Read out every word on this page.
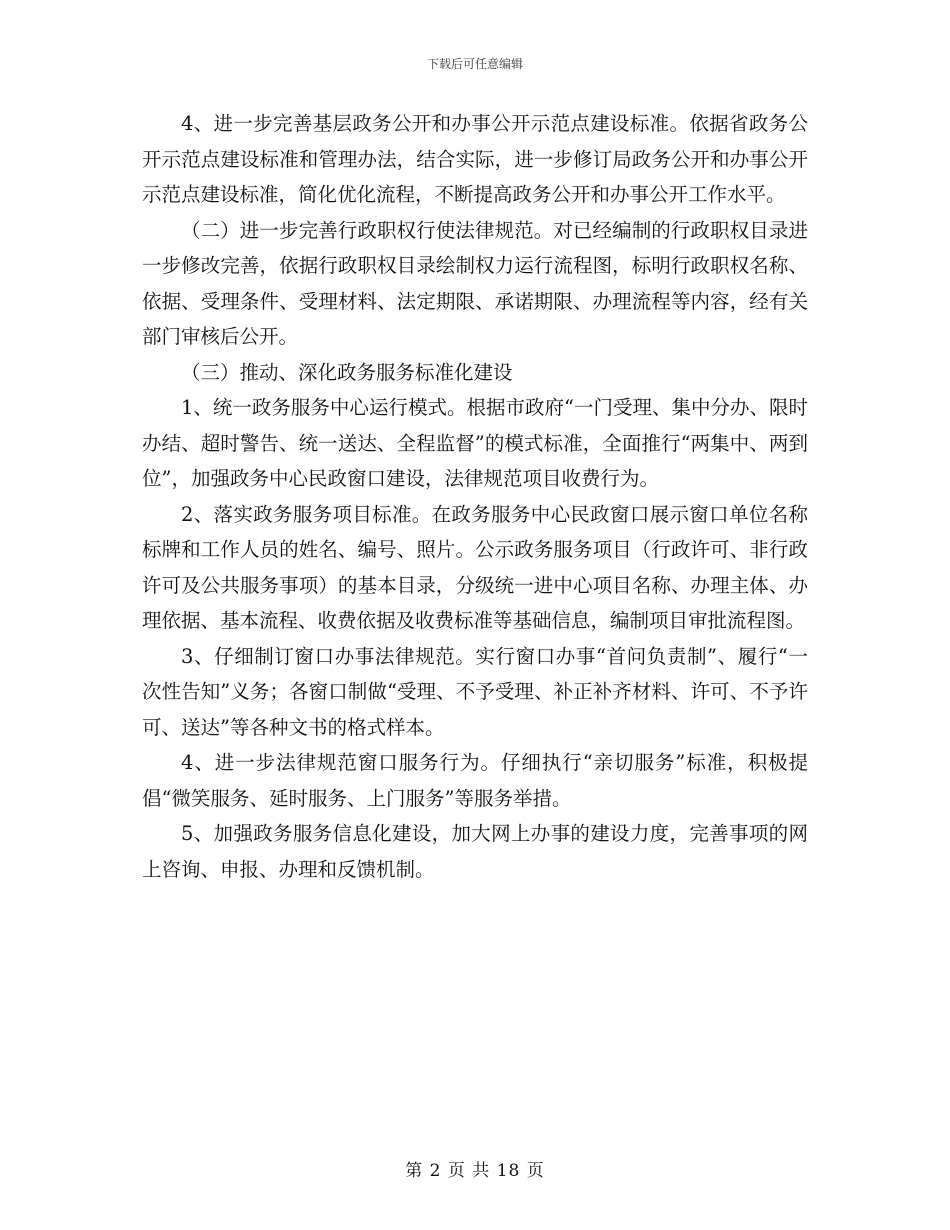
下载后可任意编辑

4、进一步完善基层政务公开和办事公开示范点建设标准。依据省政务公开示范点建设标准和管理办法，结合实际，进一步修订局政务公开和办事公开示范点建设标准，简化优化流程，不断提高政务公开和办事公开工作水平。

（二）进一步完善行政职权行使法律规范。对已经编制的行政职权目录进一步修改完善，依据行政职权目录绘制权力运行流程图，标明行政职权名称、依据、受理条件、受理材料、法定期限、承诺期限、办理流程等内容，经有关部门审核后公开。

（三）推动、深化政务服务标准化建设

1、统一政务服务中心运行模式。根据市政府“一门受理、集中分办、限时办结、超时警告、统一送达、全程监督”的模式标准，全面推行“两集中、两到位”，加强政务中心民政窗口建设，法律规范项目收费行为。

2、落实政务服务项目标准。在政务服务中心民政窗口展示窗口单位名称标牌和工作人员的姓名、编号、照片。公示政务服务项目（行政许可、非行政许可及公共服务事项）的基本目录，分级统一进中心项目名称、办理主体、办理依据、基本流程、收费依据及收费标准等基础信息，编制项目审批流程图。

3、仔细制订窗口办事法律规范。实行窗口办事“首问负责制”、履行“一次性告知”义务；各窗口制做“受理、不予受理、补正补齐材料、许可、不予许可、送达”等各种文书的格式样本。

4、进一步法律规范窗口服务行为。仔细执行“亲切服务”标准，积极提倡“微笑服务、延时服务、上门服务”等服务举措。

5、加强政务服务信息化建设，加大网上办事的建设力度，完善事项的网上咨询、申报、办理和反馈机制。

第 2 页 共 18 页
